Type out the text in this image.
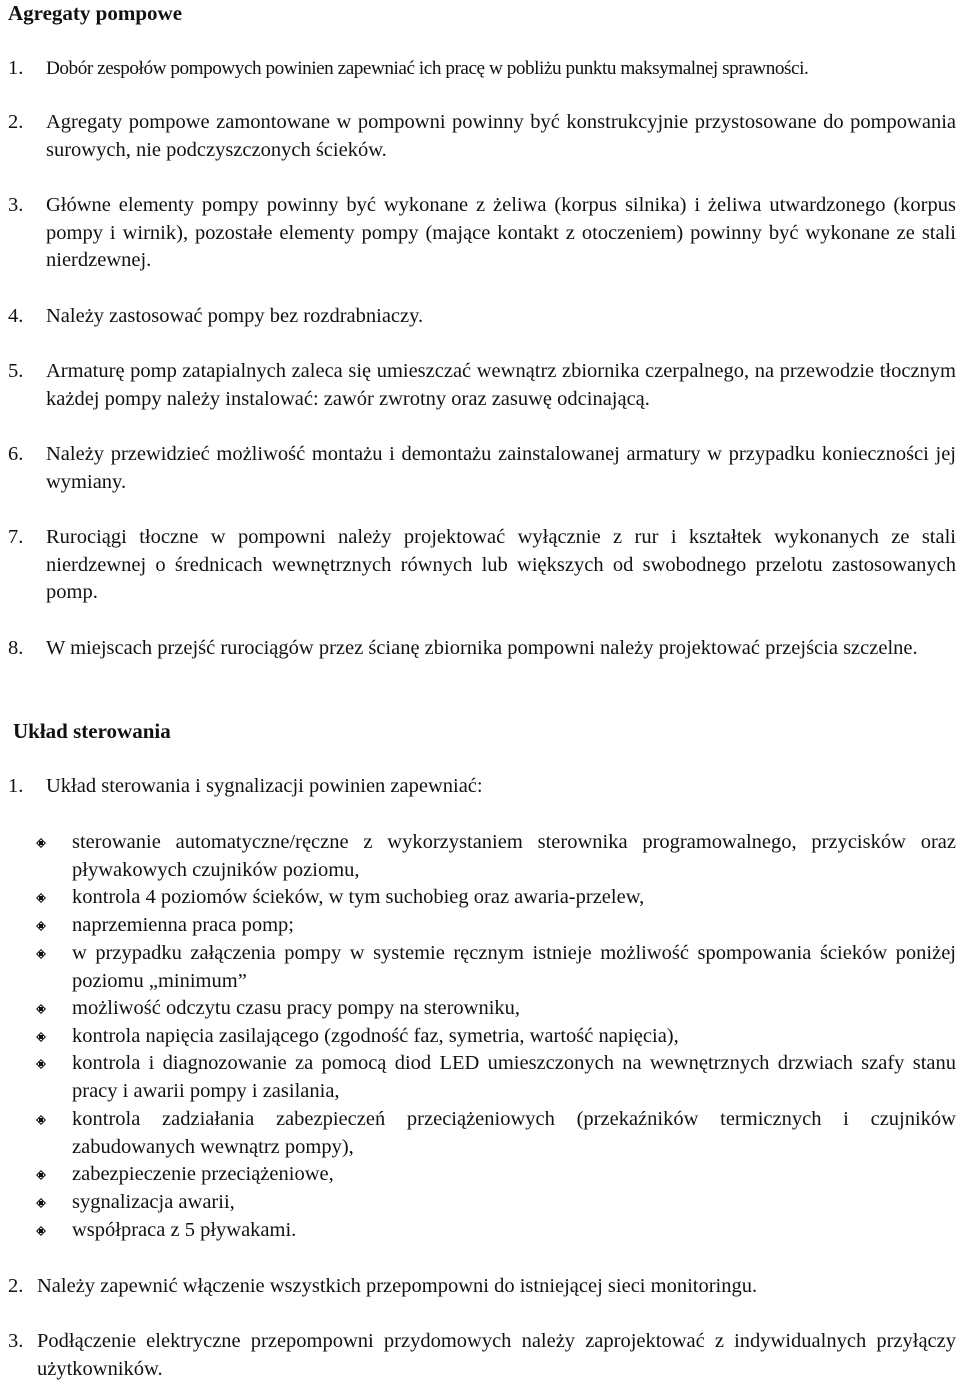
Agregaty pompowe
1. Dobór zespołów pompowych powinien zapewniać ich pracę w pobliżu punktu maksymalnej sprawności.
2. Agregaty pompowe zamontowane w pompowni powinny być konstrukcyjnie przystosowane do pompowania surowych, nie podczyszczonych ścieków.
3. Główne elementy pompy powinny być wykonane z żeliwa (korpus silnika) i żeliwa utwardzonego (korpus pompy i wirnik), pozostałe elementy pompy (mające kontakt z otoczeniem) powinny być wykonane ze stali nierdzewnej.
4. Należy zastosować pompy bez rozdrabniaczy.
5. Armaturę pomp zatapialnych zaleca się umieszczać wewnątrz zbiornika czerpalnego, na przewodzie tłocznym każdej pompy należy instalować: zawór zwrotny oraz zasuwę odcinającą.
6. Należy przewidzieć możliwość montażu i demontażu zainstalowanej armatury w przypadku konieczności jej wymiany.
7. Rurociągi tłoczne w pompowni należy projektować wyłącznie z rur i kształtek wykonanych ze stali nierdzewnej o średnicach wewnętrznych równych lub większych od swobodnego przelotu zastosowanych pomp.
8. W miejscach przejść rurociągów przez ścianę zbiornika pompowni należy projektować przejścia szczelne.
Układ sterowania
1. Układ sterowania i sygnalizacji powinien zapewniać:
sterowanie automatyczne/ręczne z wykorzystaniem sterownika programowalnego, przycisków oraz pływakowych czujników poziomu,
kontrola 4 poziomów ścieków, w tym suchobieg oraz awaria-przelew,
naprzemienna praca pomp;
w przypadku załączenia pompy w systemie ręcznym istnieje możliwość spompowania ścieków poniżej poziomu „minimum”
możliwość odczytu czasu pracy pompy na sterowniku,
kontrola napięcia zasilającego (zgodność faz, symetria, wartość napięcia),
kontrola i diagnozowanie za pomocą diod LED umieszczonych na wewnętrznych drzwiach szafy stanu pracy i awarii pompy i zasilania,
kontrola zadziałania zabezpieczeń przeciążeniowych (przekaźników termicznych i czujników zabudowanych wewnątrz pompy),
zabezpieczenie przeciążeniowe,
sygnalizacja awarii,
współpraca z 5 pływakami.
2. Należy zapewnić włączenie wszystkich przepompowni do istniejącej sieci monitoringu.
3. Podłączenie elektryczne przepompowni przydomowych należy zaprojektować z indywidualnych przyłączy użytkowników.
